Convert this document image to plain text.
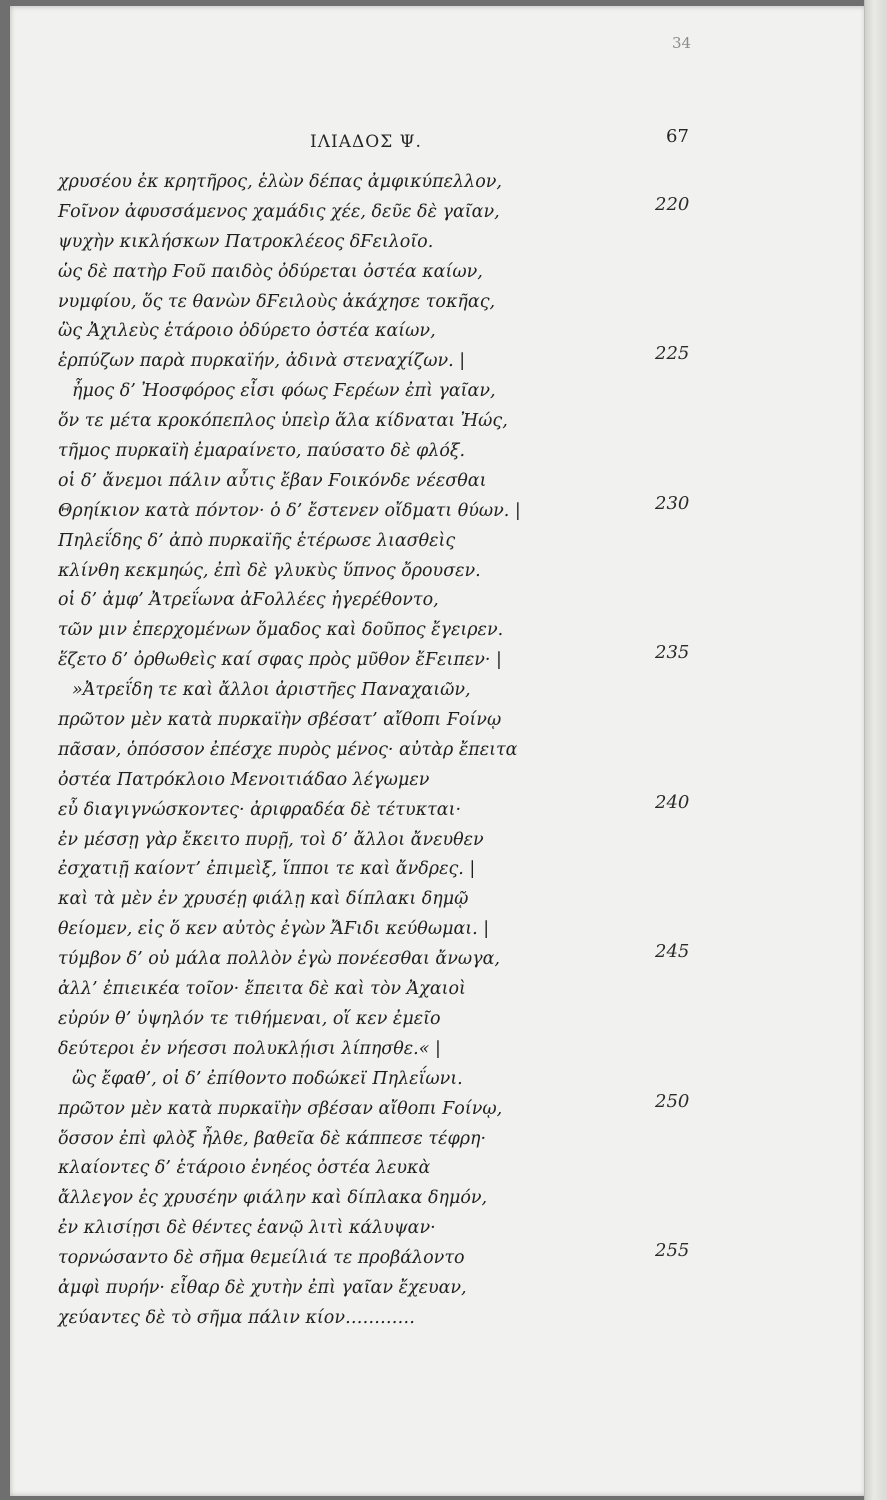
34
ΙΛΙΑΔΟΣ Ψ.	67
χρυσέου ἐκ κρητῆρος, ἑλὼν δέπας ἀμφικύπελλον,
Ϝοῖνον ἀφυσσάμενος χαμάδις χέε, δεῦε δὲ γαῖαν,
ψυχὴν κικλήσκων Πατροκλέεος δϜειλοῖο.
ὡς δὲ πατὴρ Ϝοῦ παιδὸς ὀδύρεται ὀστέα καίων,
νυμφίου, ὅς τε θανὼν δϜειλοὺς ἀκάχησε τοκῆας,
ὣς Ἀχιλεὺς ἑτάροιο ὀδύρετο ὀστέα καίων,
ἑρπύζων παρὰ πυρκαϊήν, ἀδινὰ στεναχίζων. |
ἦμος δ’ Ἠοσφόρος εἶσι φόως Ϝερέων ἐπὶ γαῖαν,
ὅν τε μέτα κροκόπεπλος ὑπεὶρ ἅλα κίδναται Ἠώς,
τῆμος πυρκαϊὴ ἐμαραίνετο, παύσατο δὲ φλόξ.
οἱ δ’ ἄνεμοι πάλιν αὖτις ἔβαν Ϝοικόνδε νέεσθαι
Θρηίκιον κατὰ πόντον· ὁ δ’ ἔστενεν οἴδματι θύων. |
Πηλεΐδης δ’ ἀπὸ πυρκαϊῆς ἑτέρωσε λιασθεὶς
κλίνθη κεκμηώς, ἐπὶ δὲ γλυκὺς ὕπνος ὄρουσεν.
οἱ δ’ ἀμφ’ Ἀτρεΐωνα ἀϜολλέες ἠγερέθοντο,
τῶν μιν ἐπερχομένων ὅμαδος καὶ δοῦπος ἔγειρεν.
ἕζετο δ’ ὀρθωθεὶς καί σφας πρὸς μῦθον ἔϜειπεν· |
»Ἀτρεΐδη τε καὶ ἄλλοι ἀριστῆες Παναχαιῶν,
πρῶτον μὲν κατὰ πυρκαϊὴν σβέσατ’ αἴθοπι Ϝοίνῳ
πᾶσαν, ὁπόσσον ἐπέσχε πυρὸς μένος· αὐτὰρ ἔπειτα
ὀστέα Πατρόκλοιο Μενοιτιάδαο λέγωμεν
εὖ διαγιγνώσκοντες· ἀριφραδέα δὲ τέτυκται·
ἐν μέσσῃ γὰρ ἔκειτο πυρῇ, τοὶ δ’ ἄλλοι ἄνευθεν
ἐσχατιῇ καίοντ’ ἐπιμεὶξ, ἵπποι τε καὶ ἄνδρες. |
καὶ τὰ μὲν ἐν χρυσέῃ φιάλῃ καὶ δίπλακι δημῷ
θείομεν, εἰς ὅ κεν αὐτὸς ἐγὼν ἌϜιδι κεύθωμαι. |
τύμβον δ’ οὐ μάλα πολλὸν ἐγὼ πονέεσθαι ἄνωγα,
ἀλλ’ ἐπιεικέα τοῖον· ἔπειτα δὲ καὶ τὸν Ἀχαιοὶ
εὐρύν θ’ ὑψηλόν τε τιθήμεναι, οἵ κεν ἐμεῖο
δεύτεροι ἐν νήεσσι πολυκλῄισι λίπησθε.« |
ὣς ἔφαθ’, οἱ δ’ ἐπίθοντο ποδώκεϊ Πηλεΐωνι.
πρῶτον μὲν κατὰ πυρκαϊὴν σβέσαν αἴθοπι Ϝοίνῳ,
ὅσσον ἐπὶ φλὸξ ἦλθε, βαθεῖα δὲ κάππεσε τέφρη·
κλαίοντες δ’ ἑτάροιο ἐνηέος ὀστέα λευκὰ
ἄλλεγον ἐς χρυσέην φιάλην καὶ δίπλακα δημόν,
ἐν κλισίῃσι δὲ θέντες ἑανῷ λιτὶ κάλυψαν·
τορνώσαντο δὲ σῆμα θεμείλιά τε προβάλοντο
ἀμφὶ πυρήν· εἶθαρ δὲ χυτὴν ἐπὶ γαῖαν ἔχευαν,
χεύαντες δὲ τὸ σῆμα πάλιν κίον…………
220
225
230
235
240
245
250
255
